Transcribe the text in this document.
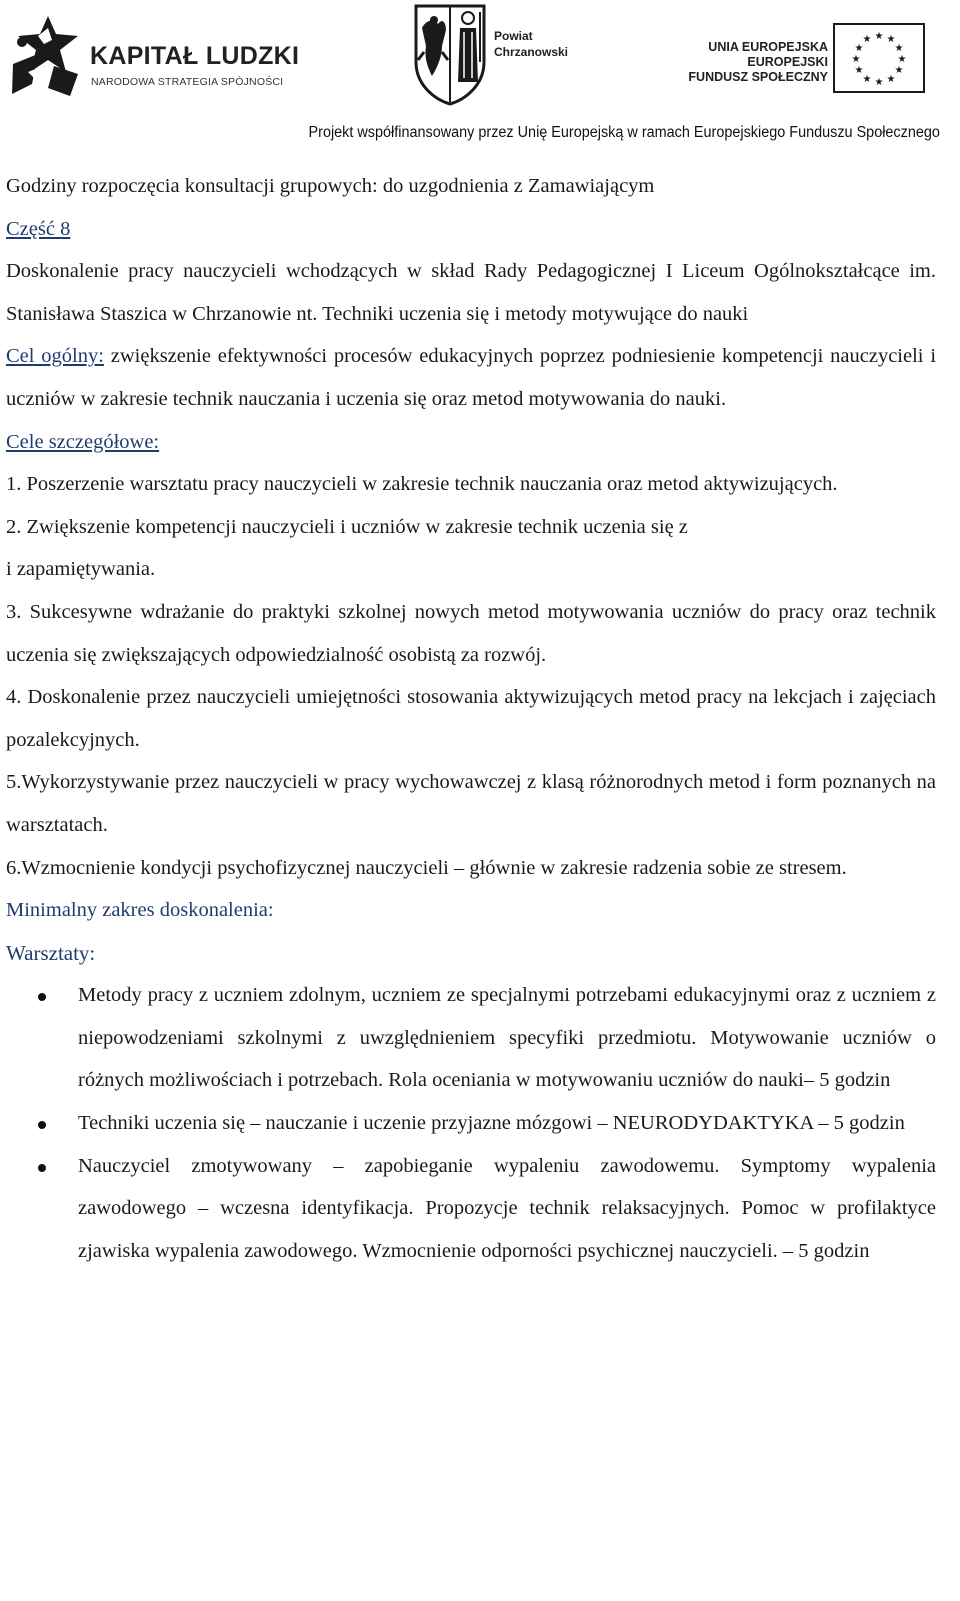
KAPITAŁ LUDZKI
NARODOWA STRATEGIA SPÓJNOŚCI
Powiat
Chrzanowski	UNIA EUROPEJSKA
EUROPEJSKI
FUNDUSZ SPOŁECZNY
★ ★
★
★
★
★
★
★
★
★
★
★
Projekt współfinansowany przez Unię Europejską w ramach Europejskiego Funduszu Społecznego

Godziny rozpoczęcia konsultacji grupowych: do uzgodnienia z Zamawiającym

Część 8

Doskonalenie pracy nauczycieli wchodzących w skład Rady Pedagogicznej I Liceum Ogólnokształcące im. Stanisława Staszica w Chrzanowie nt. Techniki uczenia się i metody motywujące do nauki

Cel ogólny: zwiększenie efektywności procesów edukacyjnych poprzez podniesienie kompetencji nauczycieli i uczniów w zakresie technik nauczania i uczenia się oraz metod motywowania do nauki.

Cele szczegółowe:

1. Poszerzenie warsztatu pracy nauczycieli w zakresie technik nauczania oraz metod aktywizujących.

2. Zwiększenie kompetencji nauczycieli i uczniów w zakresie technik uczenia się z
i zapamiętywania.

3. Sukcesywne wdrażanie do praktyki szkolnej nowych metod motywowania uczniów do pracy oraz technik uczenia się zwiększających odpowiedzialność osobistą za rozwój.

4. Doskonalenie przez nauczycieli umiejętności stosowania aktywizujących metod pracy na lekcjach i zajęciach pozalekcyjnych.

5.Wykorzystywanie przez nauczycieli w pracy wychowawczej z klasą różnorodnych metod i form poznanych na warsztatach.

6.Wzmocnienie kondycji psychofizycznej nauczycieli – głównie w zakresie radzenia sobie ze stresem.

Minimalny zakres doskonalenia:

Warsztaty:

Metody pracy z uczniem zdolnym, uczniem ze specjalnymi potrzebami edukacyjnymi oraz z uczniem z niepowodzeniami szkolnymi z uwzględnieniem specyfiki przedmiotu. Motywowanie uczniów o różnych możliwościach i potrzebach. Rola oceniania w motywowaniu uczniów do nauki– 5 godzin
Techniki uczenia się – nauczanie i uczenie przyjazne mózgowi – NEURODYDAKTYKA – 5 godzin
Nauczyciel zmotywowany – zapobieganie wypaleniu zawodowemu. Symptomy wypalenia zawodowego – wczesna identyfikacja. Propozycje technik relaksacyjnych. Pomoc w profilaktyce zjawiska wypalenia zawodowego. Wzmocnienie odporności psychicznej nauczycieli. – 5 godzin
